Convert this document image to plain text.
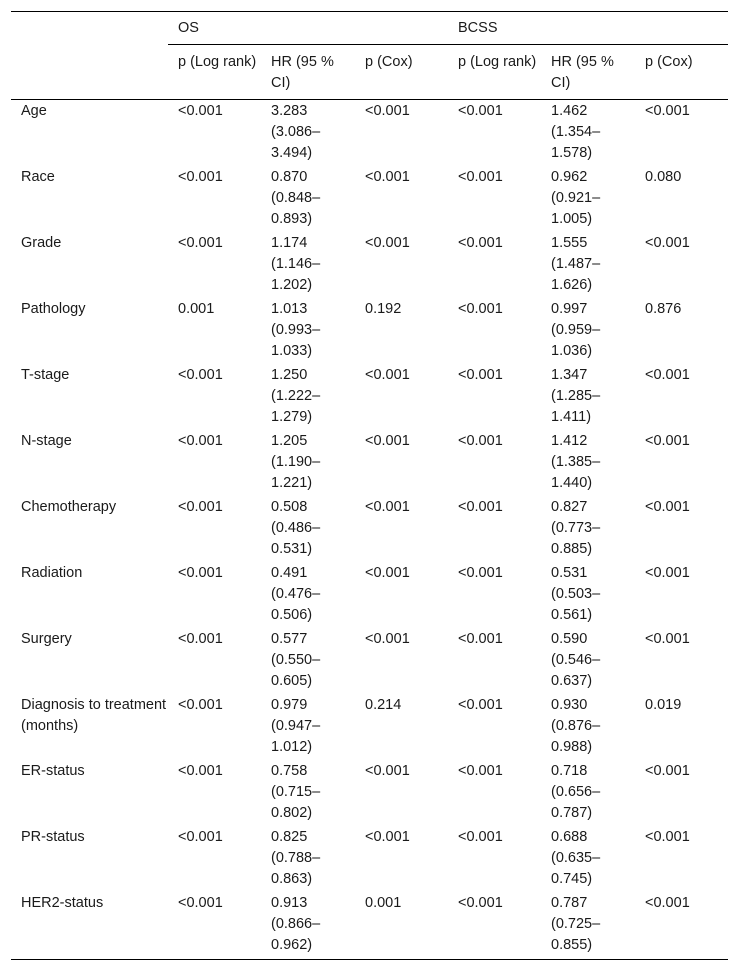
	OS			BCSS		
	p (Log rank)	HR (95 % CI)	p (Cox)	p (Log rank)	HR (95 % CI)	p (Cox)
Age	<0.001	3.283 (3.086–3.494)	<0.001	<0.001	1.462 (1.354–1.578)	<0.001
Race	<0.001	0.870 (0.848–0.893)	<0.001	<0.001	0.962 (0.921–1.005)	0.080
Grade	<0.001	1.174 (1.146–1.202)	<0.001	<0.001	1.555 (1.487–1.626)	<0.001
Pathology	0.001	1.013 (0.993–1.033)	0.192	<0.001	0.997 (0.959–1.036)	0.876
T-stage	<0.001	1.250 (1.222–1.279)	<0.001	<0.001	1.347 (1.285–1.411)	<0.001
N-stage	<0.001	1.205 (1.190–1.221)	<0.001	<0.001	1.412 (1.385–1.440)	<0.001
Chemotherapy	<0.001	0.508 (0.486–0.531)	<0.001	<0.001	0.827 (0.773–0.885)	<0.001
Radiation	<0.001	0.491 (0.476–0.506)	<0.001	<0.001	0.531 (0.503–0.561)	<0.001
Surgery	<0.001	0.577 (0.550–0.605)	<0.001	<0.001	0.590 (0.546–0.637)	<0.001
Diagnosis to treatment (months)	<0.001	0.979 (0.947–1.012)	0.214	<0.001	0.930 (0.876–0.988)	0.019
ER-status	<0.001	0.758 (0.715–0.802)	<0.001	<0.001	0.718 (0.656–0.787)	<0.001
PR-status	<0.001	0.825 (0.788–0.863)	<0.001	<0.001	0.688 (0.635–0.745)	<0.001
HER2-status	<0.001	0.913 (0.866–0.962)	0.001	<0.001	0.787 (0.725–0.855)	<0.001
